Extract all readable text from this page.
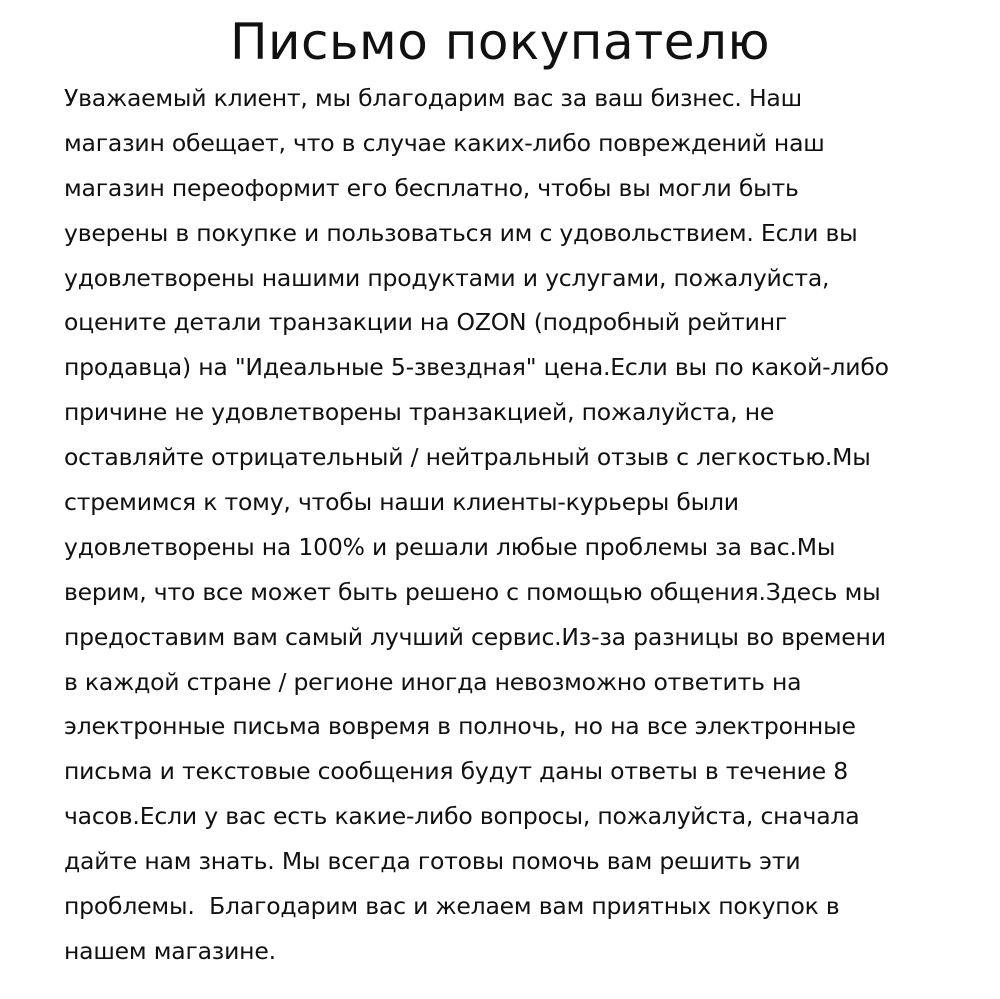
Письмо покупателю
Уважаемый клиент, мы благодарим вас за ваш бизнес. Наш
магазин обещает, что в случае каких-либо повреждений наш
магазин переоформит его бесплатно, чтобы вы могли быть
уверены в покупке и пользоваться им с удовольствием. Если вы
удовлетворены нашими продуктами и услугами, пожалуйста,
оцените детали транзакции на OZON (подробный рейтинг
продавца) на "Идеальные 5-звездная" цена.Если вы по какой-либо
причине не удовлетворены транзакцией, пожалуйста, не
оставляйте отрицательный / нейтральный отзыв с легкостью.Мы
стремимся к тому, чтобы наши клиенты-курьеры были
удовлетворены на 100% и решали любые проблемы за вас.Мы
верим, что все может быть решено с помощью общения.Здесь мы
предоставим вам самый лучший сервис.Из-за разницы во времени
в каждой стране / регионе иногда невозможно ответить на
электронные письма вовремя в полночь, но на все электронные
письма и текстовые сообщения будут даны ответы в течение 8
часов.Если у вас есть какие-либо вопросы, пожалуйста, сначала
дайте нам знать. Мы всегда готовы помочь вам решить эти
проблемы.  Благодарим вас и желаем вам приятных покупок в
нашем магазине.
